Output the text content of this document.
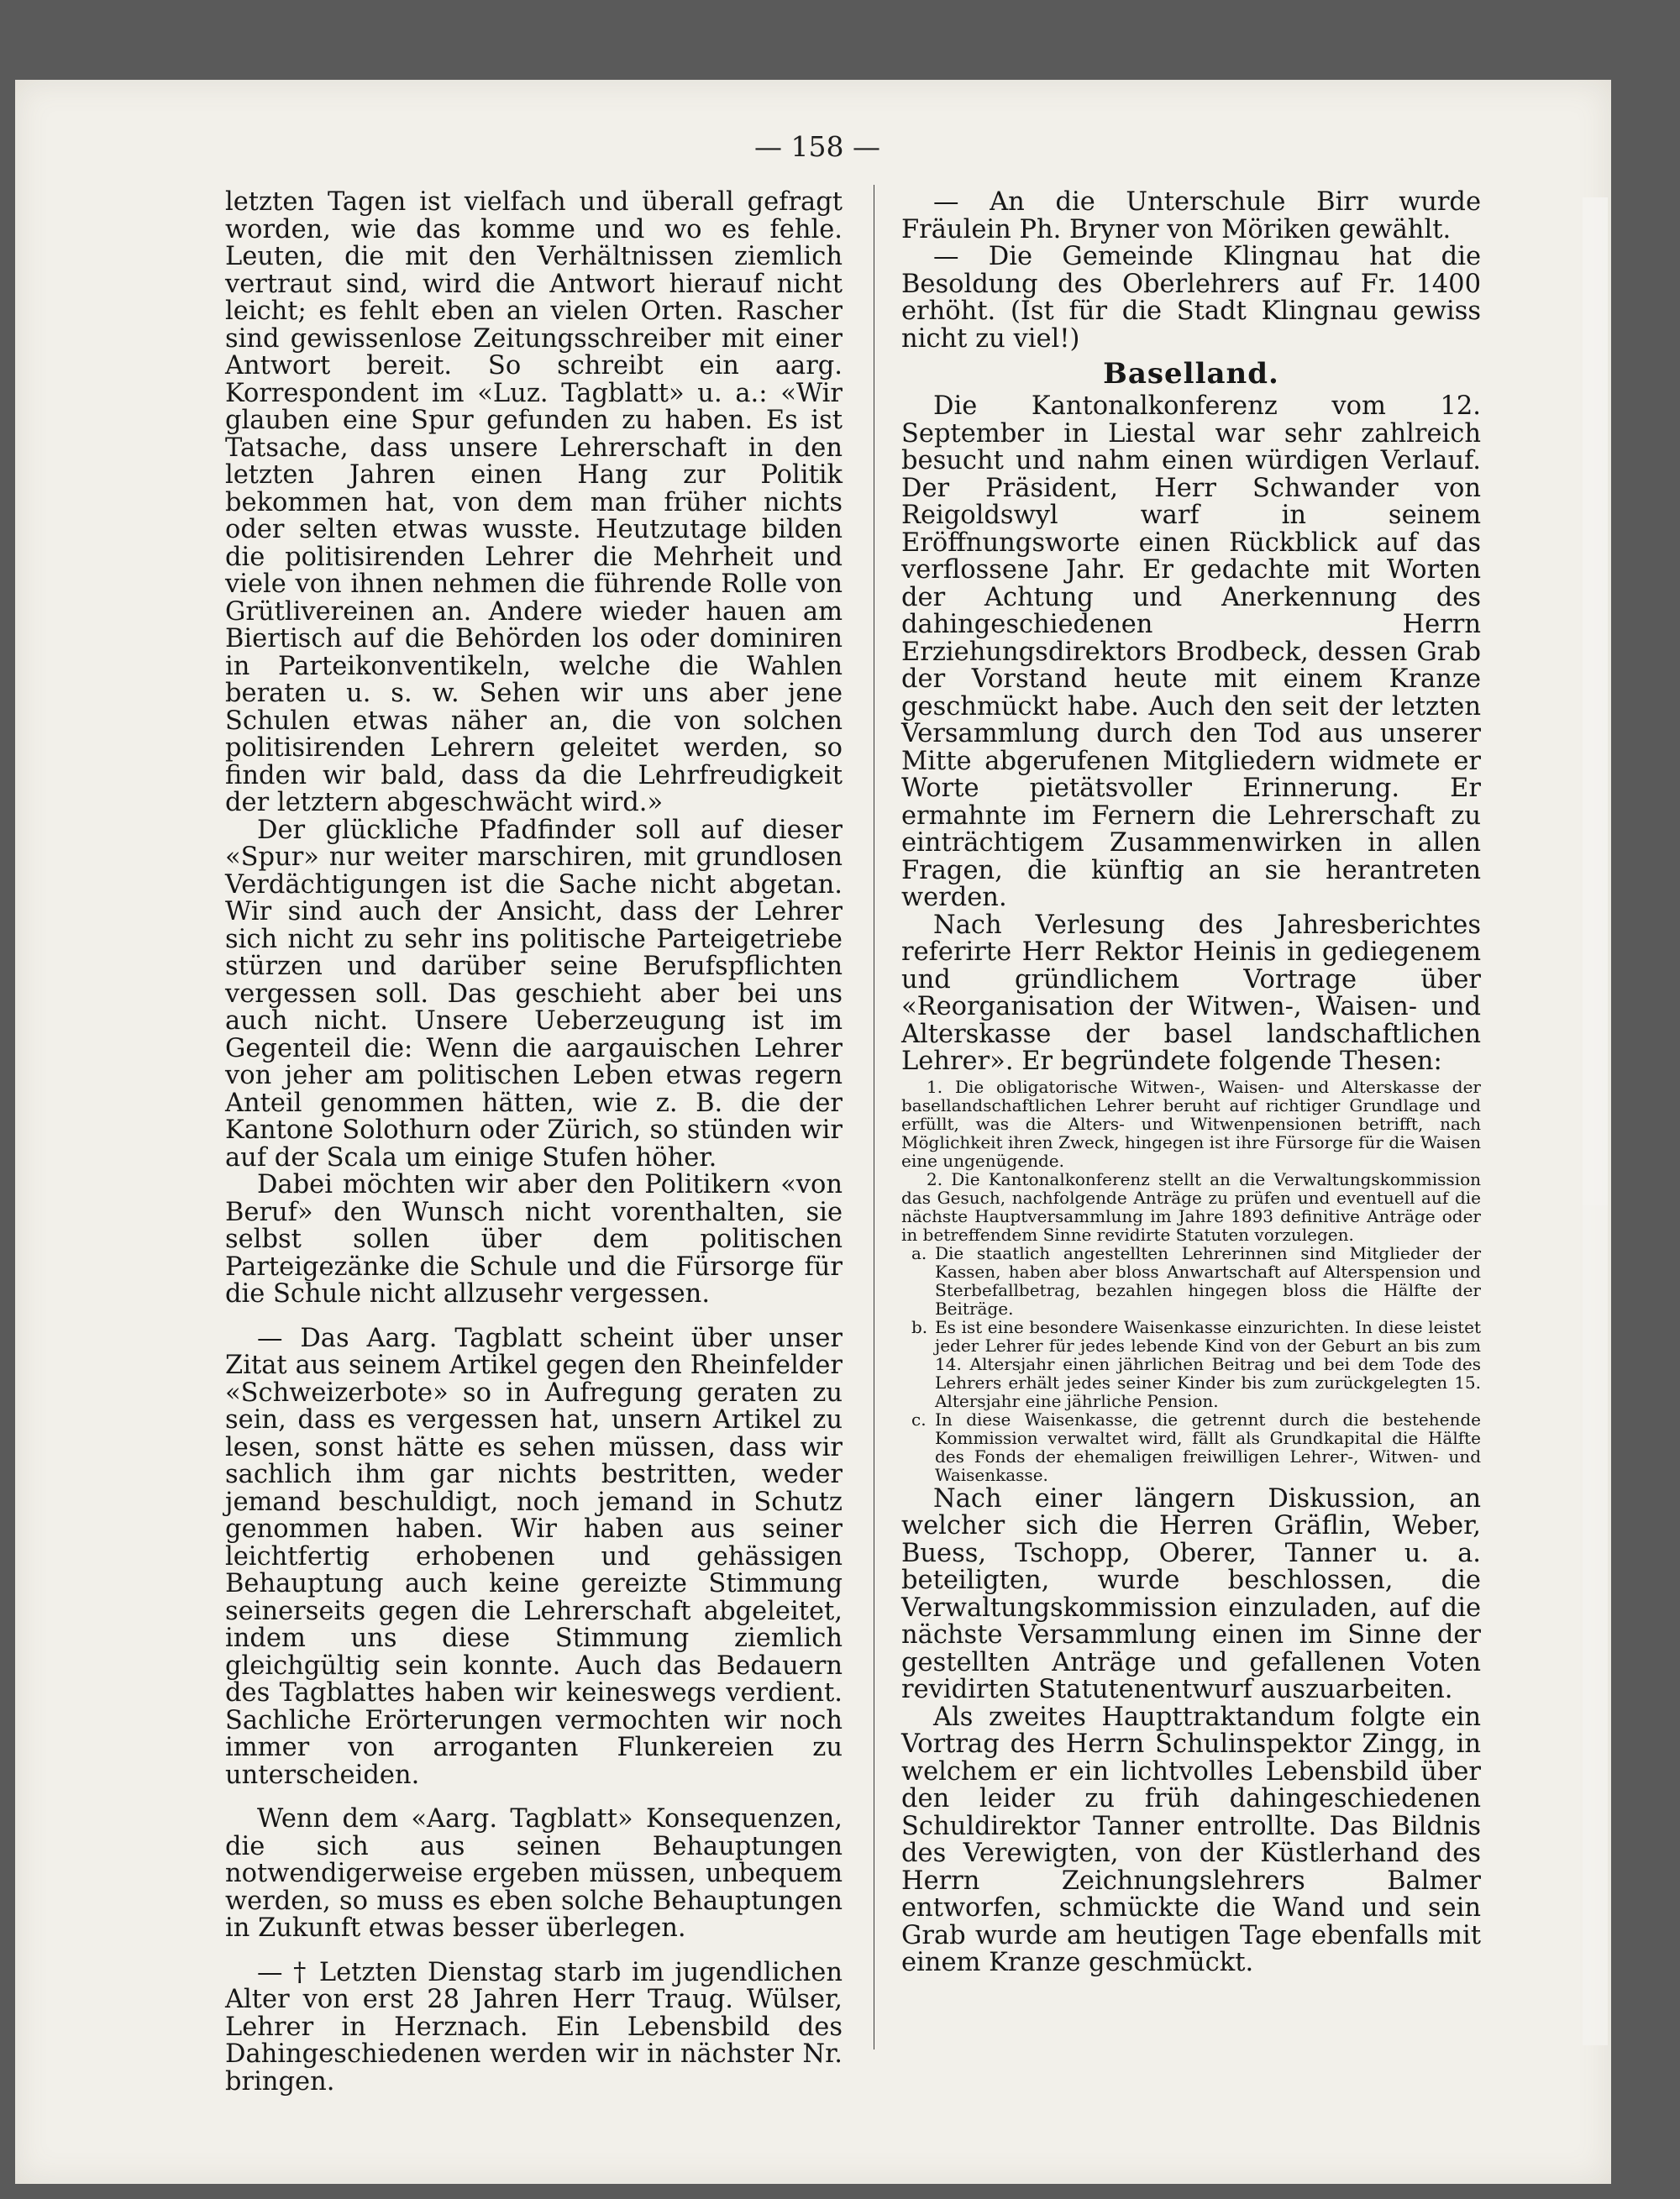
— 158 —

letzten Tagen ist vielfach und überall gefragt worden, wie das komme und wo es fehle. Leuten, die mit den Verhältnissen ziemlich vertraut sind, wird die Antwort hierauf nicht leicht; es fehlt eben an vielen Orten. Rascher sind gewissenlose Zeitungsschreiber mit einer Antwort bereit. So schreibt ein aarg. Korrespondent im «Luz. Tagblatt» u. a.: «Wir glauben eine Spur gefunden zu haben. Es ist Tatsache, dass unsere Lehrerschaft in den letzten Jahren einen Hang zur Politik bekommen hat, von dem man früher nichts oder selten etwas wusste. Heutzutage bilden die politisirenden Lehrer die Mehrheit und viele von ihnen nehmen die führende Rolle von Grütlivereinen an. Andere wieder hauen am Biertisch auf die Behörden los oder dominiren in Parteikonventikeln, welche die Wahlen beraten u. s. w. Sehen wir uns aber jene Schulen etwas näher an, die von solchen politisirenden Lehrern geleitet werden, so finden wir bald, dass da die Lehrfreudigkeit der letztern abgeschwächt wird.»

Der glückliche Pfadfinder soll auf dieser «Spur» nur weiter marschiren, mit grundlosen Verdächtigungen ist die Sache nicht abgetan. Wir sind auch der Ansicht, dass der Lehrer sich nicht zu sehr ins politische Parteigetriebe stürzen und darüber seine Berufspflichten vergessen soll. Das geschieht aber bei uns auch nicht. Unsere Ueberzeugung ist im Gegenteil die: Wenn die aargauischen Lehrer von jeher am politischen Leben etwas regern Anteil genommen hätten, wie z. B. die der Kantone Solothurn oder Zürich, so stünden wir auf der Scala um einige Stufen höher.

Dabei möchten wir aber den Politikern «von Beruf» den Wunsch nicht vorenthalten, sie selbst sollen über dem politischen Parteigezänke die Schule und die Fürsorge für die Schule nicht allzusehr vergessen.

— Das Aarg. Tagblatt scheint über unser Zitat aus seinem Artikel gegen den Rheinfelder «Schweizerbote» so in Aufregung geraten zu sein, dass es vergessen hat, unsern Artikel zu lesen, sonst hätte es sehen müssen, dass wir sachlich ihm gar nichts bestritten, weder jemand beschuldigt, noch jemand in Schutz genommen haben. Wir haben aus seiner leichtfertig erhobenen und gehässigen Behauptung auch keine gereizte Stimmung seinerseits gegen die Lehrerschaft abgeleitet, indem uns diese Stimmung ziemlich gleichgültig sein konnte. Auch das Bedauern des Tagblattes haben wir keineswegs verdient. Sachliche Erörterungen vermochten wir noch immer von arroganten Flunkereien zu unterscheiden.

Wenn dem «Aarg. Tagblatt» Konsequenzen, die sich aus seinen Behauptungen notwendigerweise ergeben müssen, unbequem werden, so muss es eben solche Behauptungen in Zukunft etwas besser überlegen.

— † Letzten Dienstag starb im jugendlichen Alter von erst 28 Jahren Herr Traug. Wülser, Lehrer in Herznach. Ein Lebensbild des Dahingeschiedenen werden wir in nächster Nr. bringen.

— An die Unterschule Birr wurde Fräulein Ph. Bryner von Möriken gewählt.

— Die Gemeinde Klingnau hat die Besoldung des Oberlehrers auf Fr. 1400 erhöht. (Ist für die Stadt Klingnau gewiss nicht zu viel!)

Baselland.

Die Kantonalkonferenz vom 12. September in Liestal war sehr zahlreich besucht und nahm einen würdigen Verlauf. Der Präsident, Herr Schwander von Reigoldswyl warf in seinem Eröffnungsworte einen Rückblick auf das verflossene Jahr. Er gedachte mit Worten der Achtung und Anerkennung des dahingeschiedenen Herrn Erziehungsdirektors Brodbeck, dessen Grab der Vorstand heute mit einem Kranze geschmückt habe. Auch den seit der letzten Versammlung durch den Tod aus unserer Mitte abgerufenen Mitgliedern widmete er Worte pietätsvoller Erinnerung. Er ermahnte im Fernern die Lehrerschaft zu einträchtigem Zusammenwirken in allen Fragen, die künftig an sie herantreten werden.

Nach Verlesung des Jahresberichtes referirte Herr Rektor Heinis in gediegenem und gründlichem Vortrage über «Reorganisation der Witwen-, Waisen- und Alterskasse der basel landschaftlichen Lehrer». Er begründete folgende Thesen:

1. Die obligatorische Witwen-, Waisen- und Alterskasse der basellandschaftlichen Lehrer beruht auf richtiger Grundlage und erfüllt, was die Alters- und Witwenpensionen betrifft, nach Möglichkeit ihren Zweck, hingegen ist ihre Fürsorge für die Waisen eine ungenügende.

2. Die Kantonalkonferenz stellt an die Verwaltungskommission das Gesuch, nachfolgende Anträge zu prüfen und eventuell auf die nächste Hauptversammlung im Jahre 1893 definitive Anträge oder in betreffendem Sinne revidirte Statuten vorzulegen.

a. Die staatlich angestellten Lehrerinnen sind Mitglieder der Kassen, haben aber bloss Anwartschaft auf Alterspension und Sterbefallbetrag, bezahlen hingegen bloss die Hälfte der Beiträge.
b. Es ist eine besondere Waisenkasse einzurichten. In diese leistet jeder Lehrer für jedes lebende Kind von der Geburt an bis zum 14. Altersjahr einen jährlichen Beitrag und bei dem Tode des Lehrers erhält jedes seiner Kinder bis zum zurückgelegten 15. Altersjahr eine jährliche Pension.
c. In diese Waisenkasse, die getrennt durch die bestehende Kommission verwaltet wird, fällt als Grundkapital die Hälfte des Fonds der ehemaligen freiwilligen Lehrer-, Witwen- und Waisenkasse.

Nach einer längern Diskussion, an welcher sich die Herren Gräflin, Weber, Buess, Tschopp, Oberer, Tanner u. a. beteiligten, wurde beschlossen, die Verwaltungskommission einzuladen, auf die nächste Versammlung einen im Sinne der gestellten Anträge und gefallenen Voten revidirten Statutenentwurf auszuarbeiten.

Als zweites Haupttraktandum folgte ein Vortrag des Herrn Schulinspektor Zingg, in welchem er ein lichtvolles Lebensbild über den leider zu früh dahingeschiedenen Schuldirektor Tanner entrollte. Das Bildnis des Verewigten, von der Küstlerhand des Herrn Zeichnungslehrers Balmer entworfen, schmückte die Wand und sein Grab wurde am heutigen Tage ebenfalls mit einem Kranze geschmückt.
